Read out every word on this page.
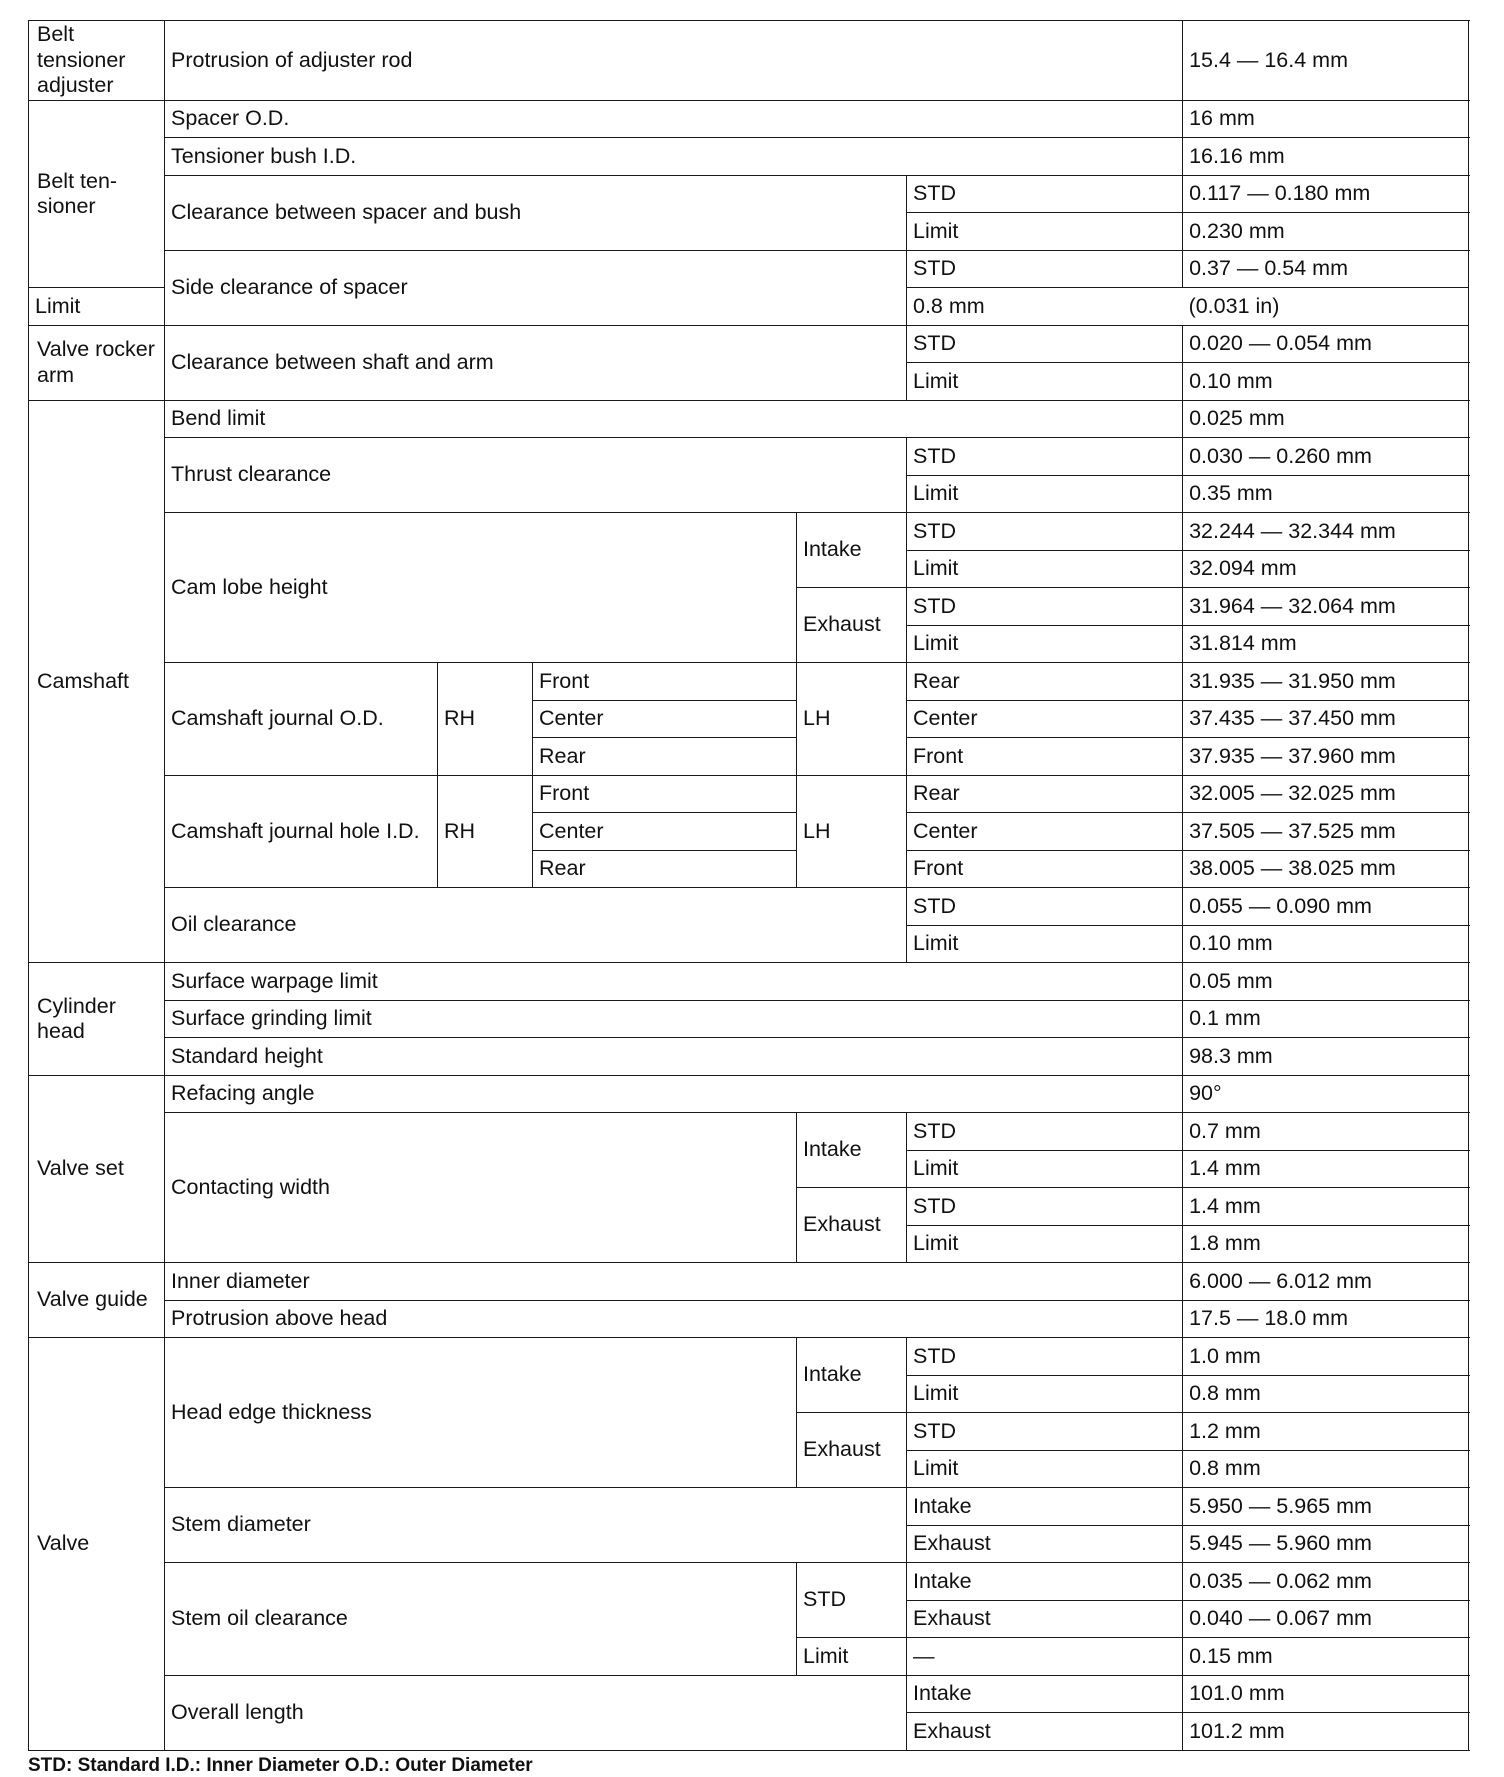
Belt tensioner adjuster	Protrusion of adjuster rod					15.4 — 16.4 mm	
Belt ten-sioner	Spacer O.D.					16 mm	
	Tensioner bush I.D.					16.16 mm	
	Clearance between spacer and bush				STD	0.117 — 0.180 mm	
					Limit	0.230 mm	
	Side clearance of spacer				STD	0.37 — 0.54 mm	
Limit					0.8 mm	(0.031 in)	
Valve rocker arm	Clearance between shaft and arm				STD	0.020 — 0.054 mm	
					Limit	0.10 mm	
Camshaft	Bend limit					0.025 mm	
	Thrust clearance				STD	0.030 — 0.260 mm	
					Limit	0.35 mm	
	Cam lobe height			Intake	STD	32.244 — 32.344 mm	
					Limit	32.094 mm	
				Exhaust	STD	31.964 — 32.064 mm	
					Limit	31.814 mm	
	Camshaft journal O.D.	RH	Front	LH	Rear	31.935 — 31.950 mm	
			Center		Center	37.435 — 37.450 mm	
			Rear		Front	37.935 — 37.960 mm	
	Camshaft journal hole I.D.	RH	Front	LH	Rear	32.005 — 32.025 mm	
			Center		Center	37.505 — 37.525 mm	
			Rear		Front	38.005 — 38.025 mm	
	Oil clearance				STD	0.055 — 0.090 mm	
					Limit	0.10 mm	
Cylinder head	Surface warpage limit					0.05 mm	
	Surface grinding limit					0.1 mm	
	Standard height					98.3 mm	
Valve set	Refacing angle					90°	
	Contacting width			Intake	STD	0.7 mm	
					Limit	1.4 mm	
				Exhaust	STD	1.4 mm	
					Limit	1.8 mm	
Valve guide	Inner diameter					6.000 — 6.012 mm	
	Protrusion above head					17.5 — 18.0 mm	
Valve	Head edge thickness			Intake	STD	1.0 mm	
					Limit	0.8 mm	
				Exhaust	STD	1.2 mm	
					Limit	0.8 mm	
	Stem diameter				Intake	5.950 — 5.965 mm	
					Exhaust	5.945 — 5.960 mm	
	Stem oil clearance			STD	Intake	0.035 — 0.062 mm	
					Exhaust	0.040 — 0.067 mm	
				Limit	—	0.15 mm	
	Overall length				Intake	101.0 mm	
					Exhaust	101.2 mm	
STD: Standard I.D.: Inner Diameter O.D.: Outer Diameter
